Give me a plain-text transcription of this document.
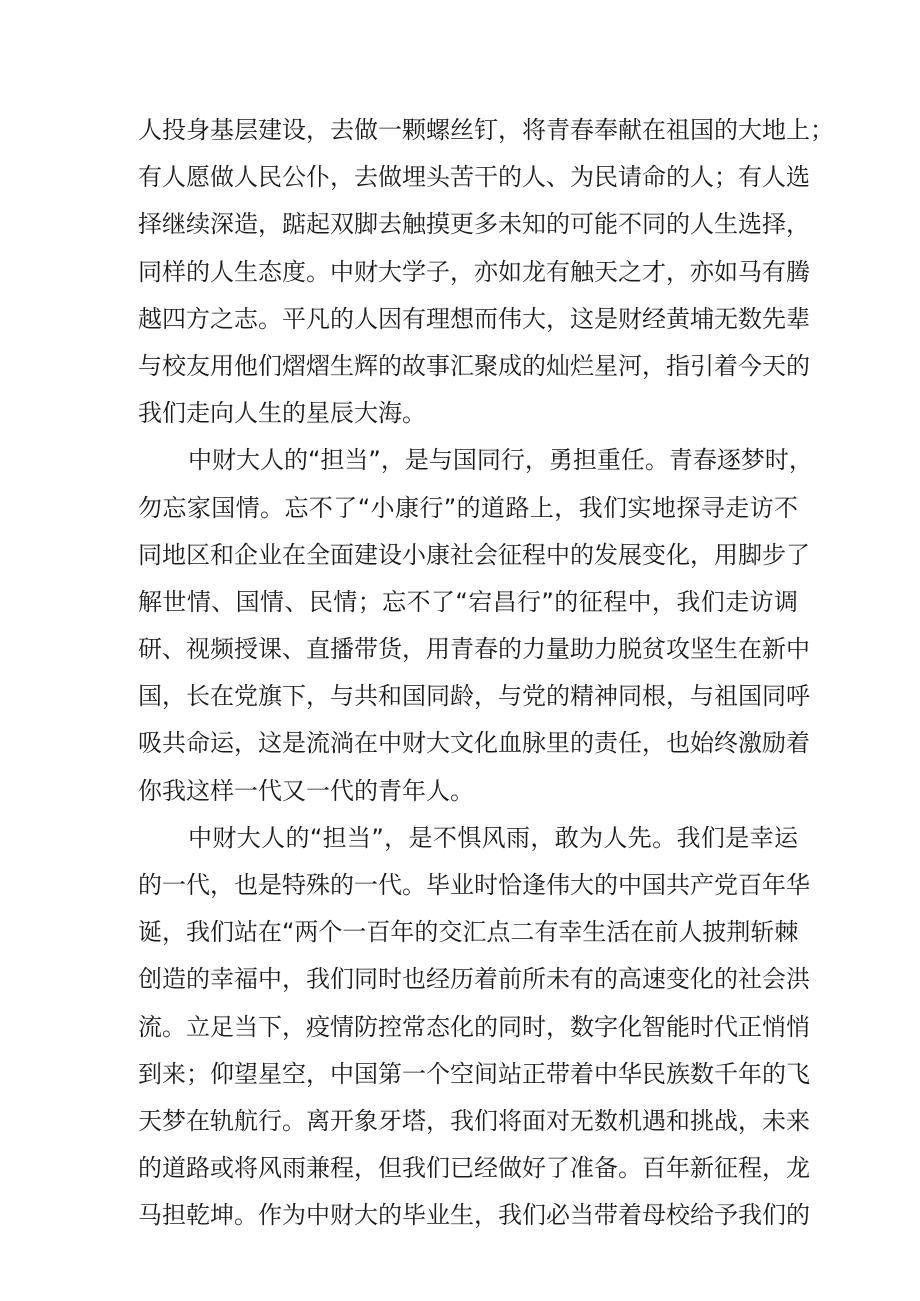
人投身基层建设，去做一颗螺丝钉，将青春奉献在祖国的大地上；
有人愿做人民公仆，去做埋头苦干的人、为民请命的人；有人选
择继续深造，踮起双脚去触摸更多未知的可能不同的人生选择，
同样的人生态度。中财大学子，亦如龙有触天之才，亦如马有腾
越四方之志。平凡的人因有理想而伟大，这是财经黄埔无数先辈
与校友用他们熠熠生辉的故事汇聚成的灿烂星河，指引着今天的
我们走向人生的星辰大海。
中财大人的“担当”，是与国同行，勇担重任。青春逐梦时，
勿忘家国情。忘不了“小康行”的道路上，我们实地探寻走访不
同地区和企业在全面建设小康社会征程中的发展变化，用脚步了
解世情、国情、民情；忘不了“宕昌行”的征程中，我们走访调
研、视频授课、直播带货，用青春的力量助力脱贫攻坚生在新中
国，长在党旗下，与共和国同龄，与党的精神同根，与祖国同呼
吸共命运，这是流淌在中财大文化血脉里的责任，也始终激励着
你我这样一代又一代的青年人。
中财大人的“担当”，是不惧风雨，敢为人先。我们是幸运
的一代，也是特殊的一代。毕业时恰逢伟大的中国共产党百年华
诞，我们站在“两个一百年的交汇点二有幸生活在前人披荆斩棘
创造的幸福中，我们同时也经历着前所未有的高速变化的社会洪
流。立足当下，疫情防控常态化的同时，数字化智能时代正悄悄
到来；仰望星空，中国第一个空间站正带着中华民族数千年的飞
天梦在轨航行。离开象牙塔，我们将面对无数机遇和挑战，未来
的道路或将风雨兼程，但我们已经做好了准备。百年新征程，龙
马担乾坤。作为中财大的毕业生，我们必当带着母校给予我们的
